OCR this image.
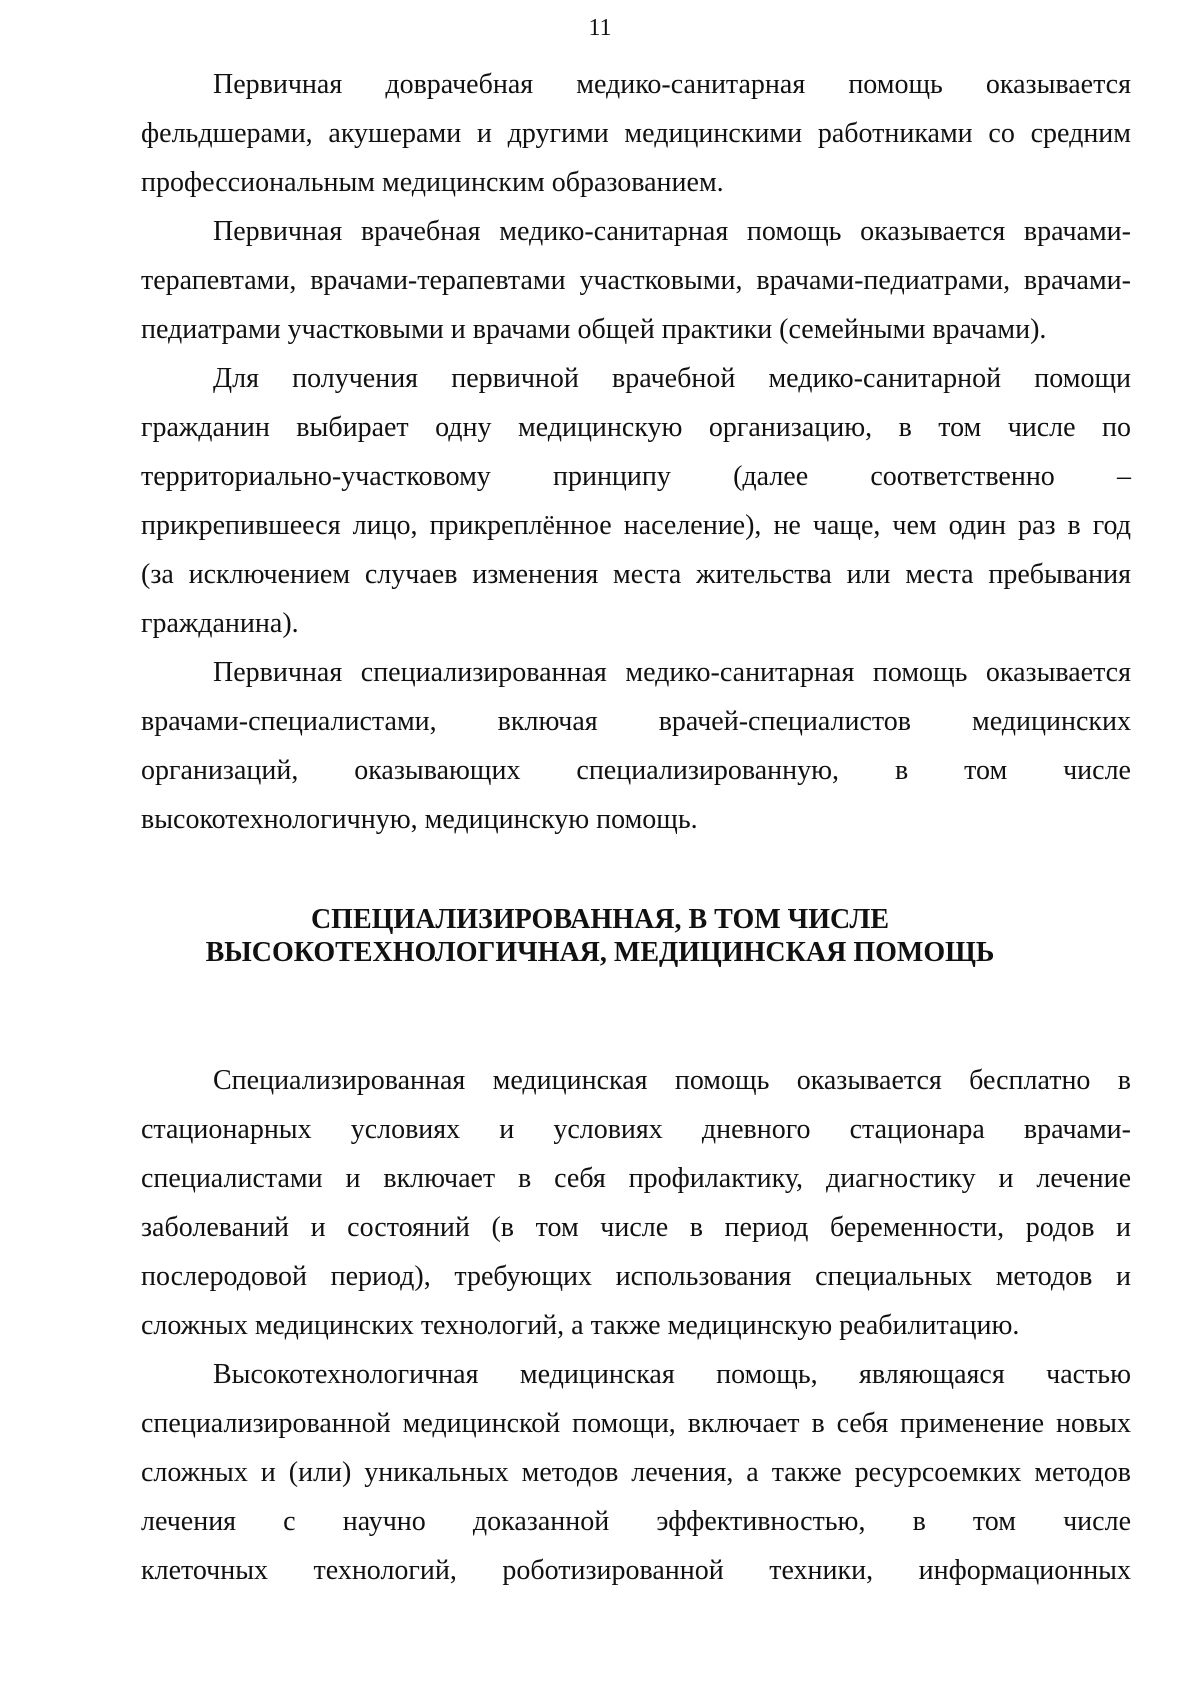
11
Первичная доврачебная медико-санитарная помощь оказывается
фельдшерами, акушерами и другими медицинскими работниками со средним
профессиональным медицинским образованием.
Первичная врачебная медико-санитарная помощь оказывается врачами-
терапевтами, врачами-терапевтами участковыми, врачами-педиатрами, врачами-
педиатрами участковыми и врачами общей практики (семейными врачами).
Для получения первичной врачебной медико-санитарной помощи
гражданин выбирает одну медицинскую организацию, в том числе по
территориально-участковому принципу (далее соответственно –
прикрепившееся лицо, прикреплённое население), не чаще, чем один раз в год
(за исключением случаев изменения места жительства или места пребывания
гражданина).
Первичная специализированная медико-санитарная помощь оказывается
врачами-специалистами, включая врачей-специалистов медицинских
организаций, оказывающих специализированную, в том числе
высокотехнологичную, медицинскую помощь.
СПЕЦИАЛИЗИРОВАННАЯ, В ТОМ ЧИСЛЕ
ВЫСОКОТЕХНОЛОГИЧНАЯ, МЕДИЦИНСКАЯ ПОМОЩЬ
Специализированная медицинская помощь оказывается бесплатно в
стационарных условиях и условиях дневного стационара врачами-
специалистами и включает в себя профилактику, диагностику и лечение
заболеваний и состояний (в том числе в период беременности, родов и
послеродовой период), требующих использования специальных методов и
сложных медицинских технологий, а также медицинскую реабилитацию.
Высокотехнологичная медицинская помощь, являющаяся частью
специализированной медицинской помощи, включает в себя применение новых
сложных и (или) уникальных методов лечения, а также ресурсоемких методов
лечения с научно доказанной эффективностью, в том числе
клеточных технологий, роботизированной техники, информационных
